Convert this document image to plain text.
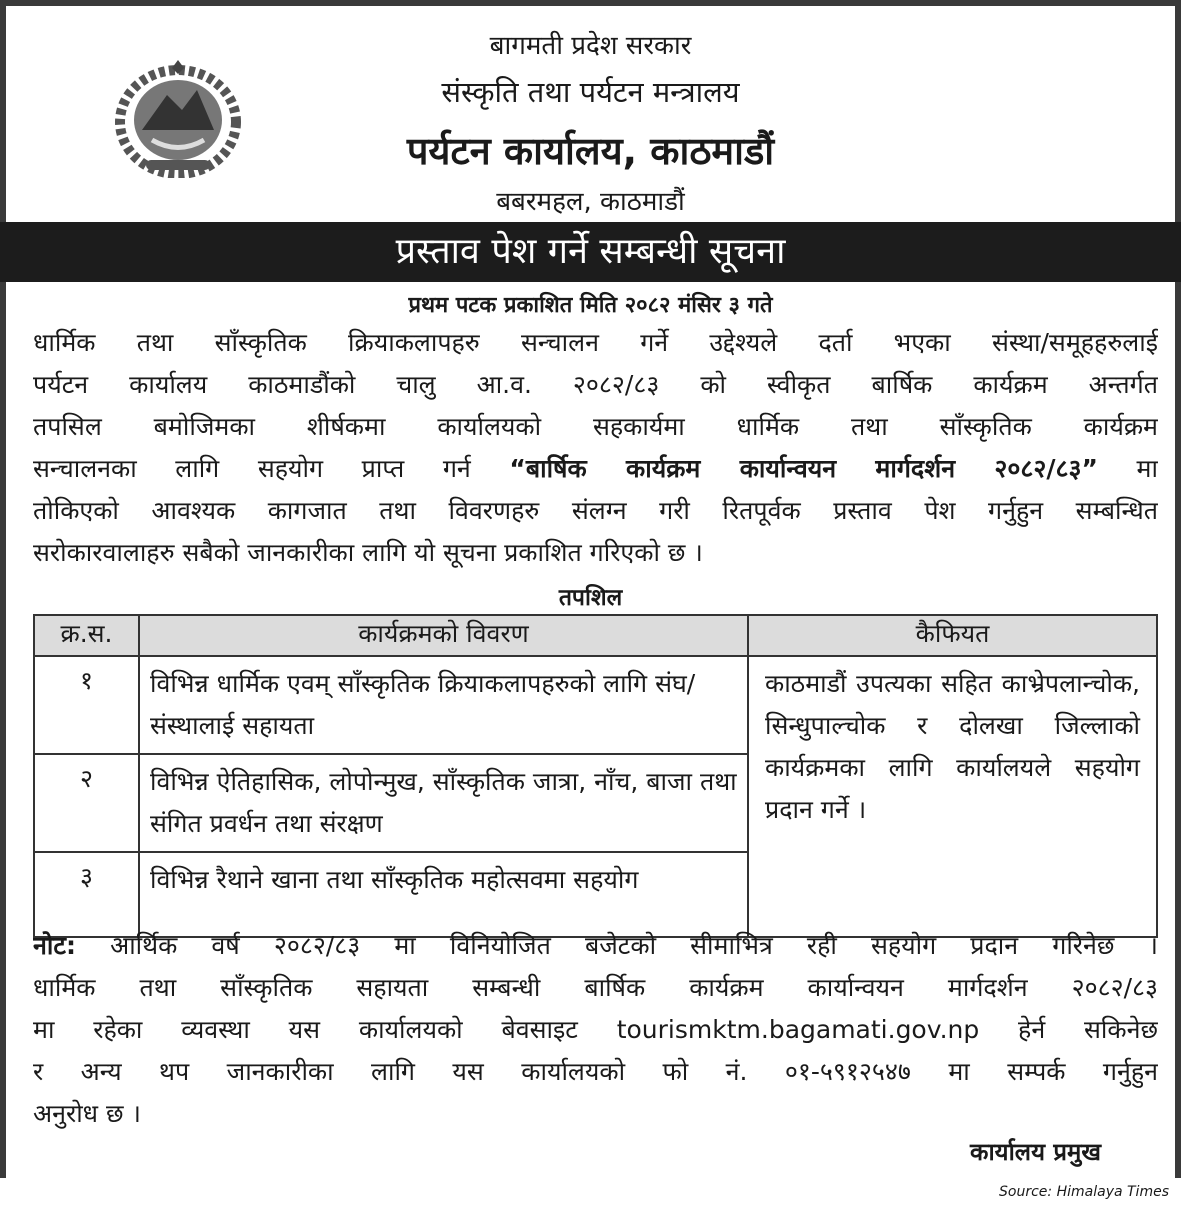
बागमती प्रदेश सरकार
संस्कृति तथा पर्यटन मन्त्रालय
पर्यटन कार्यालय, काठमाडौं
बबरमहल, काठमाडौं
प्रस्ताव पेश गर्ने सम्बन्धी सूचना
प्रथम पटक प्रकाशित मिति २०८२ मंसिर ३ गते
धार्मिक तथा साँस्कृतिक क्रियाकलापहरु सन्चालन गर्ने उद्देश्यले दर्ता भएका संस्था/समूहहरुलाई
पर्यटन कार्यालय काठमाडौंको चालु आ.व. २०८२/८३ को स्वीकृत बार्षिक कार्यक्रम अन्तर्गत
तपसिल बमोजिमका शीर्षकमा कार्यालयको सहकार्यमा धार्मिक तथा साँस्कृतिक कार्यक्रम
सन्चालनका लागि सहयोग प्राप्त गर्न “बार्षिक कार्यक्रम कार्यान्वयन मार्गदर्शन २०८२/८३” मा
तोकिएको आवश्यक कागजात तथा विवरणहरु संलग्न गरी रितपूर्वक प्रस्ताव पेश गर्नुहुन सम्बन्धित
सरोकारवालाहरु सबैको जानकारीका लागि यो सूचना प्रकाशित गरिएको छ ।
तपशिल
क्र.स.	कार्यक्रमको विवरण	कैफियत
१	विभिन्न धार्मिक एवम् साँस्कृतिक क्रियाकलापहरुको लागि संघ/संस्थालाई सहायता	काठमाडौं उपत्यका सहित काभ्रेपलान्चोक, सिन्धुपाल्चोक र दोलखा जिल्लाको कार्यक्रमका लागि कार्यालयले सहयोग प्रदान गर्ने ।
२	विभिन्न ऐतिहासिक, लोपोन्मुख, साँस्कृतिक जात्रा, नाँच, बाजा तथा संगित प्रवर्धन तथा संरक्षण	
३	विभिन्न रैथाने खाना तथा साँस्कृतिक महोत्सवमा सहयोग	
नोट: आर्थिक वर्ष २०८२/८३ मा विनियोजित बजेटको सीमाभित्र रही सहयोग प्रदान गरिनेछ ।
धार्मिक तथा साँस्कृतिक सहायता सम्बन्धी बार्षिक कार्यक्रम कार्यान्वयन मार्गदर्शन २०८२/८३
मा रहेका व्यवस्था यस कार्यालयको बेवसाइट tourismktm.bagamati.gov.np हेर्न सकिनेछ
र अन्य थप जानकारीका लागि यस कार्यालयको फो नं. ०१-५९१२५४७ मा सम्पर्क गर्नुहुन
अनुरोध छ ।
कार्यालय प्रमुख
Source: Himalaya Times
